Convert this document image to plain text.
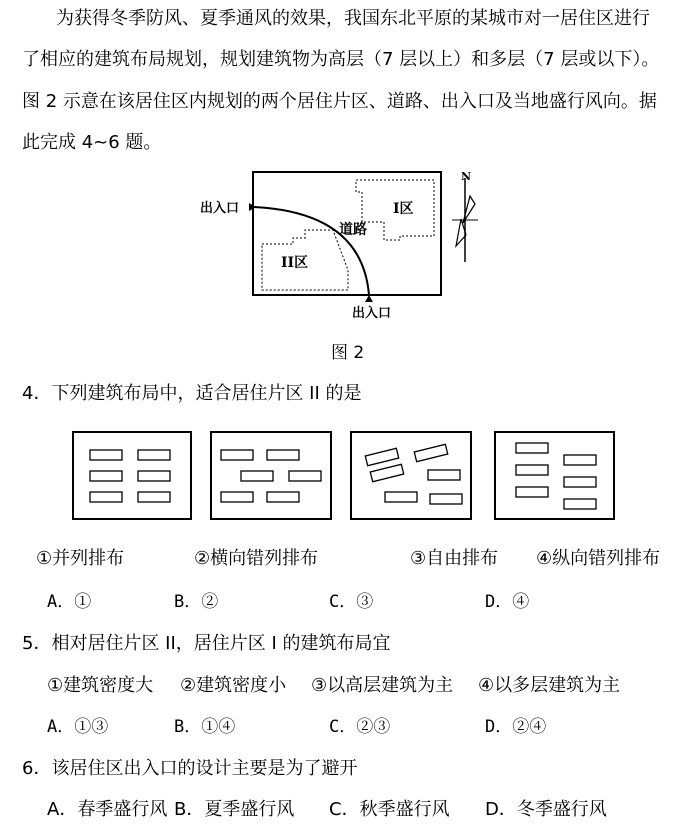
为获得冬季防风、夏季通风的效果，我国东北平原的某城市对一居住区进行
了相应的建筑布局规划，规划建筑物为高层（7 层以上）和多层（7 层或以下）。
图 2 示意在该居住区内规划的两个居住片区、道路、出入口及当地盛行风向。据
此完成 4~6 题。
出入口
出入口
I区
II区
道路
N
图 2
4．下列建筑布局中，适合居住片区 II 的是
①并列排布	②横向错列排布	③自由排布 ④纵向错列排布
A．①	B．②	C．③	D．④
5．相对居住片区 II，居住片区 I 的建筑布局宜
①建筑密度大 ②建筑密度小 ③以高层建筑为主 ④以多层建筑为主
A．①③	B．①④	C．②③	D．②④
6．该居住区出入口的设计主要是为了避开
A．春季盛行风 B．夏季盛行风 C．秋季盛行风 D．冬季盛行风
